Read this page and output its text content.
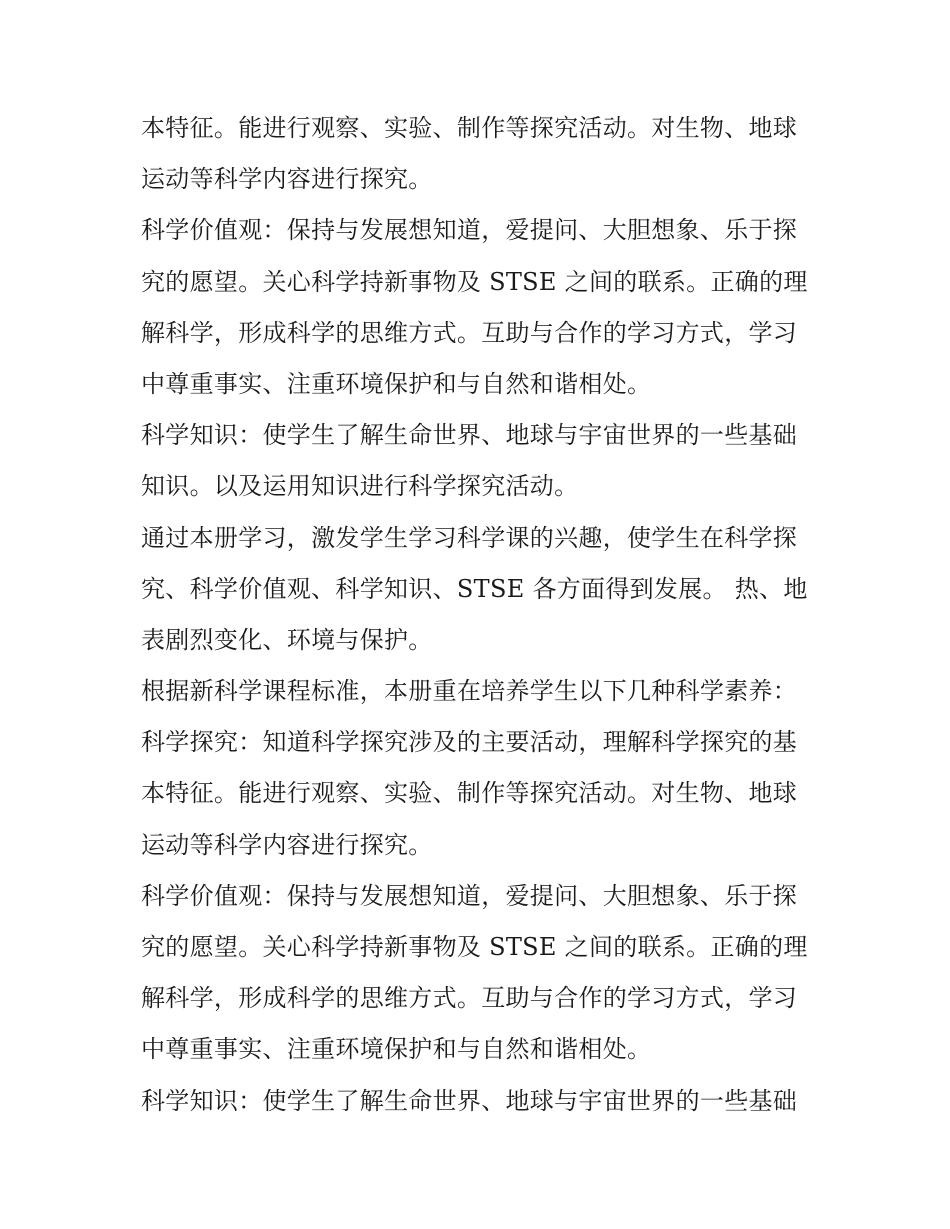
本特征。能进行观察、实验、制作等探究活动。对生物、地球
运动等科学内容进行探究。
科学价值观：保持与发展想知道，爱提问、大胆想象、乐于探
究的愿望。关心科学持新事物及 STSE 之间的联系。正确的理
解科学，形成科学的思维方式。互助与合作的学习方式，学习
中尊重事实、注重环境保护和与自然和谐相处。
科学知识：使学生了解生命世界、地球与宇宙世界的一些基础
知识。以及运用知识进行科学探究活动。
通过本册学习，激发学生学习科学课的兴趣，使学生在科学探
究、科学价值观、科学知识、STSE 各方面得到发展。 热、地
表剧烈变化、环境与保护。
根据新科学课程标准，本册重在培养学生以下几种科学素养：
科学探究：知道科学探究涉及的主要活动，理解科学探究的基
本特征。能进行观察、实验、制作等探究活动。对生物、地球
运动等科学内容进行探究。
科学价值观：保持与发展想知道，爱提问、大胆想象、乐于探
究的愿望。关心科学持新事物及 STSE 之间的联系。正确的理
解科学，形成科学的思维方式。互助与合作的学习方式，学习
中尊重事实、注重环境保护和与自然和谐相处。
科学知识：使学生了解生命世界、地球与宇宙世界的一些基础
